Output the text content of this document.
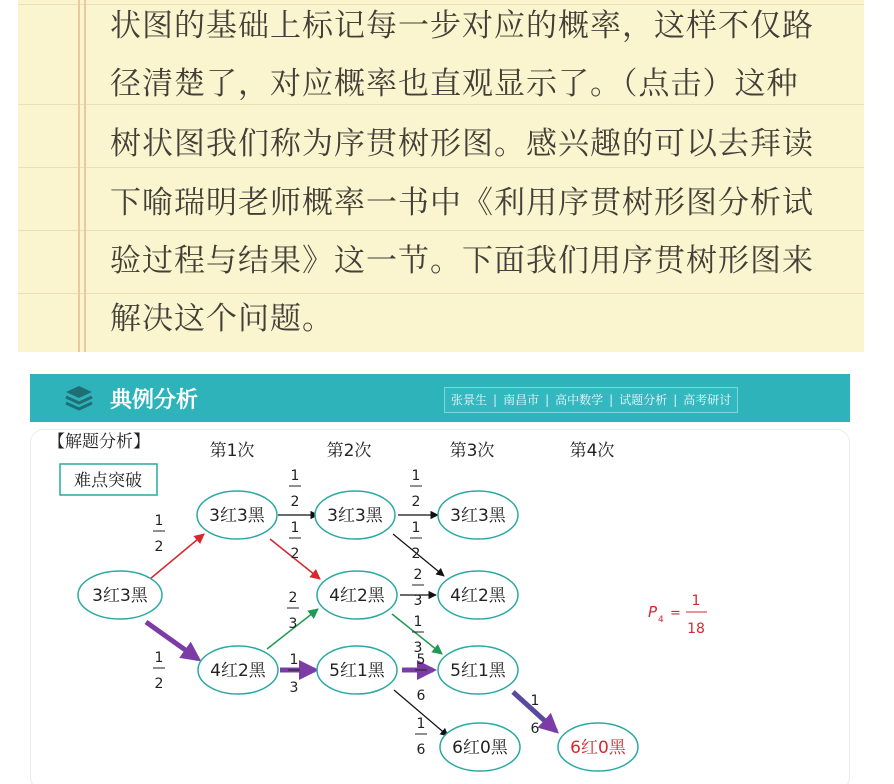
状图的基础上标记每一步对应的概率，这样不仅路
径清楚了，对应概率也直观显示了。（点击）这种
树状图我们称为序贯树形图。感兴趣的可以去拜读
下喻瑞明老师概率一书中《利用序贯树形图分析试
验过程与结果》这一节。下面我们用序贯树形图来
解决这个问题。
典例分析	张景生 | 南昌市 | 高中数学 | 试题分析 | 高考研讨
【解题分析】
难点突破
第1次	第2次	第3次	第4次
3红3黑
3红3黑
4红2黑
3红3黑
4红2黑
5红1黑
3红3黑
4红2黑
5红1黑
6红0黑	6红0黑
1
2
1
2
1
2
1
2
2
3
1
3
1
2
1
2
2
3
1
3
5
6
1
6
1
6
P 4 =
1
18
